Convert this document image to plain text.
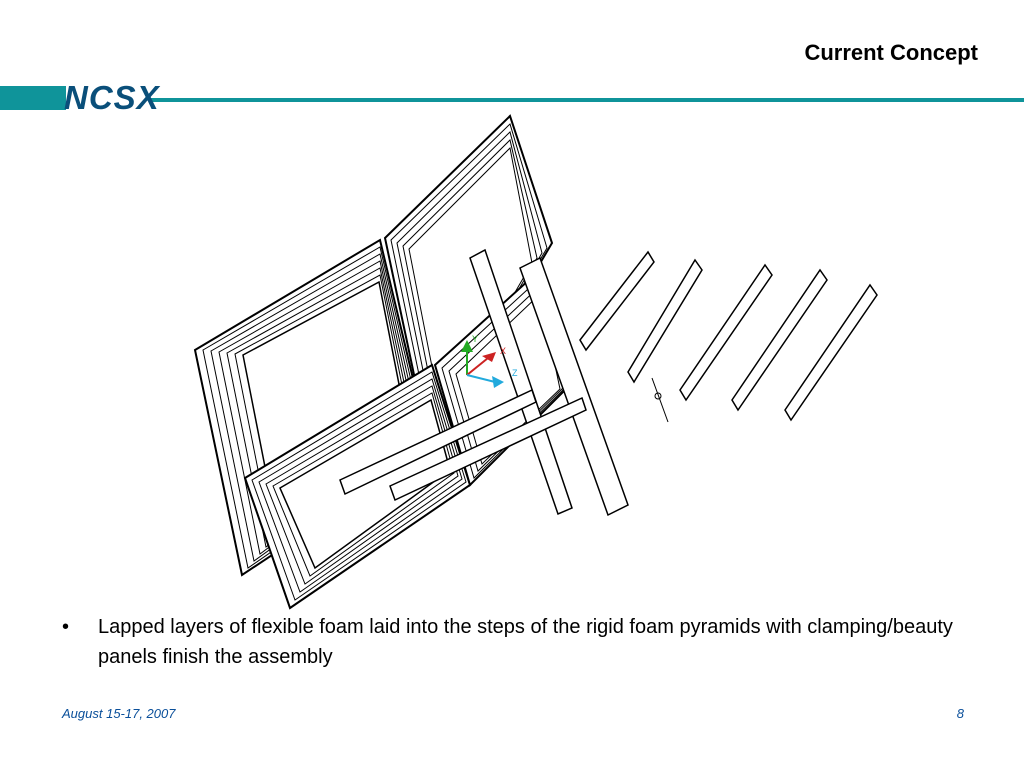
Current Concept
NCSX
X
Y
Z
• Lapped layers of flexible foam laid into the steps of the rigid foam pyramids with clamping/beauty panels finish the assembly
August 15-17, 2007	8
